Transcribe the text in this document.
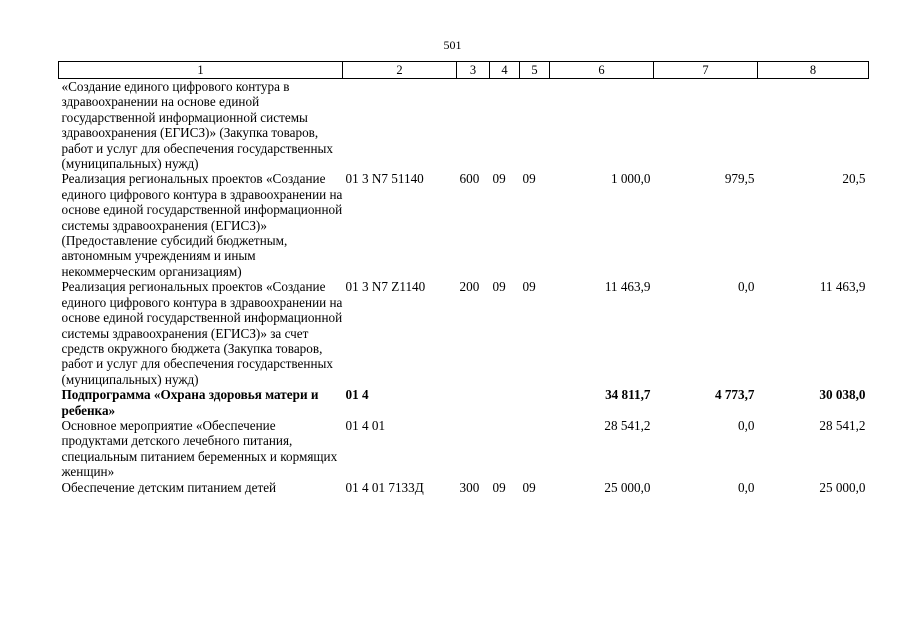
501
1	2	3	4	5	6	7	8
«Создание единого цифрового контура в здравоохранении на основе единой государственной информационной системы здравоохранения (ЕГИСЗ)» (Закупка товаров, работ и услуг для обеспечения государственных (муниципальных) нужд)							
Реализация региональных проектов «Создание единого цифрового контура в здравоохранении на основе единой государственной информационной системы здравоохранения (ЕГИСЗ)» (Предоставление субсидий бюджетным, автономным учреждениям и иным некоммерческим организациям)	01 3 N7 51140	600	09	09	1 000,0	979,5	20,5
Реализация региональных проектов «Создание единого цифрового контура в здравоохранении на основе единой государственной информационной системы здравоохранения (ЕГИСЗ)» за счет средств окружного бюджета (Закупка товаров, работ и услуг для обеспечения государственных (муниципальных) нужд)	01 3 N7 Z1140	200	09	09	11 463,9	0,0	11 463,9
Подпрограмма «Охрана здоровья матери и ребенка»	01 4				34 811,7	4 773,7	30 038,0
Основное мероприятие «Обеспечение продуктами детского лечебного питания, специальным питанием беременных и кормящих женщин»	01 4 01				28 541,2	0,0	28 541,2
Обеспечение детским питанием детей	01 4 01 7133Д	300	09	09	25 000,0	0,0	25 000,0
